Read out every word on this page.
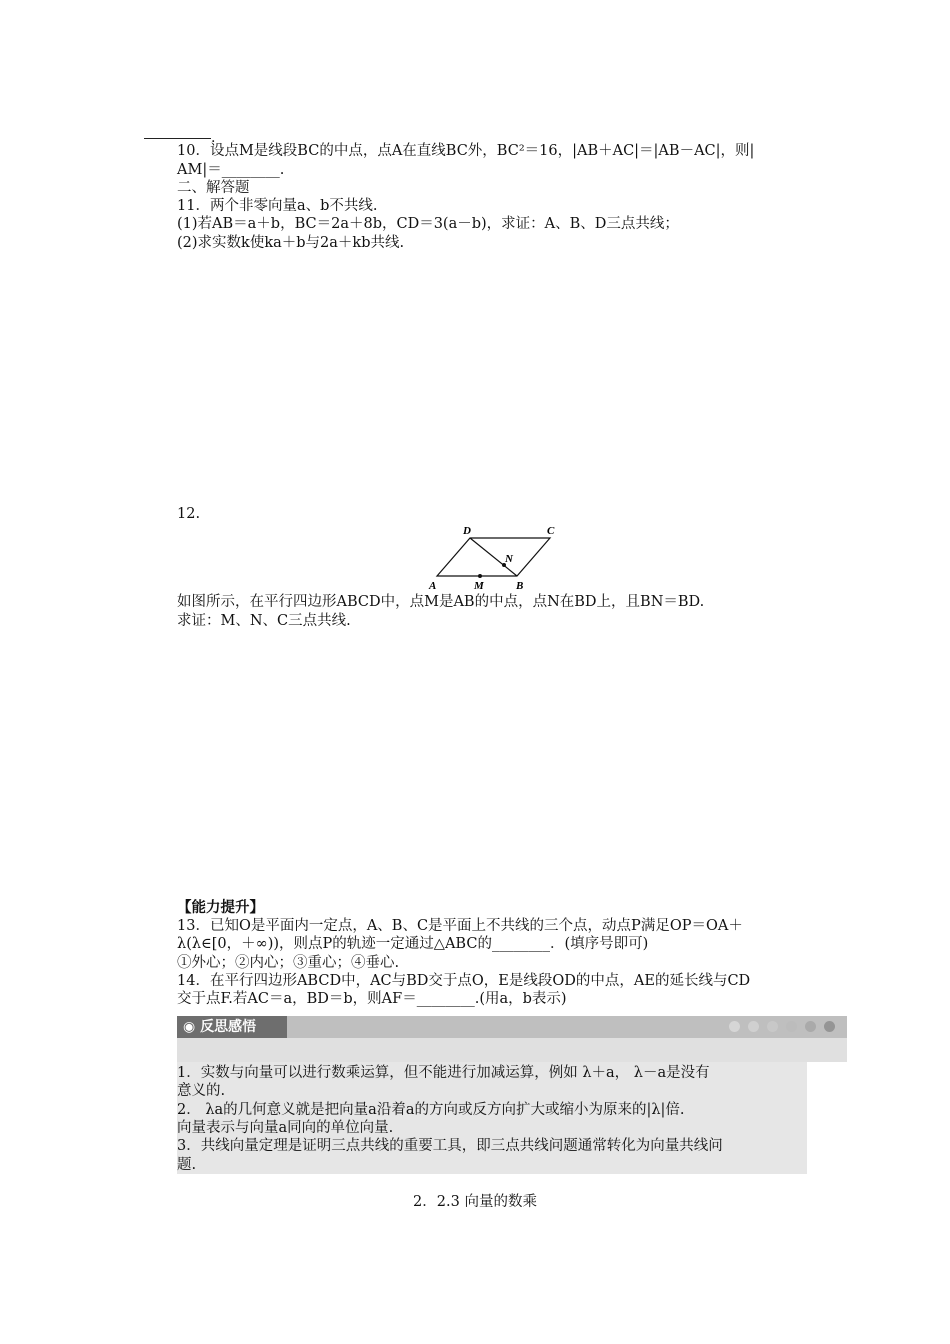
.
10．设点M是线段BC的中点，点A在直线BC外，BC²＝16，|AB＋AC|＝|AB－AC|，则|
AM|＝________.
二、解答题
11．两个非零向量a、b不共线.
(1)若AB＝a＋b，BC＝2a＋8b，CD＝3(a－b)，求证：A、B、D三点共线；
(2)求实数k使ka＋b与2a＋kb共线.
12.
D	C
N
A	M	B
如图所示，在平行四边形ABCD中，点M是AB的中点，点N在BD上，且BN＝BD.
求证：M、N、C三点共线.
【能力提升】
13．已知O是平面内一定点，A、B、C是平面上不共线的三个点，动点P满足OP＝OA＋
λ(λ∈[0，＋∞))，则点P的轨迹一定通过△ABC的________．(填序号即可)
①外心；②内心；③重心；④垂心.
14．在平行四边形ABCD中，AC与BD交于点O，E是线段OD的中点，AE的延长线与CD
交于点F.若AC＝a，BD＝b，则AF＝________.(用a，b表示)
◉ 反思感悟
1．实数与向量可以进行数乘运算，但不能进行加减运算，例如 λ＋a， λ－a是没有
意义的.
2． λa的几何意义就是把向量a沿着a的方向或反方向扩大或缩小为原来的|λ|倍.
向量表示与向量a同向的单位向量.
3．共线向量定理是证明三点共线的重要工具，即三点共线问题通常转化为向量共线问
题.
2．2.3 向量的数乘
